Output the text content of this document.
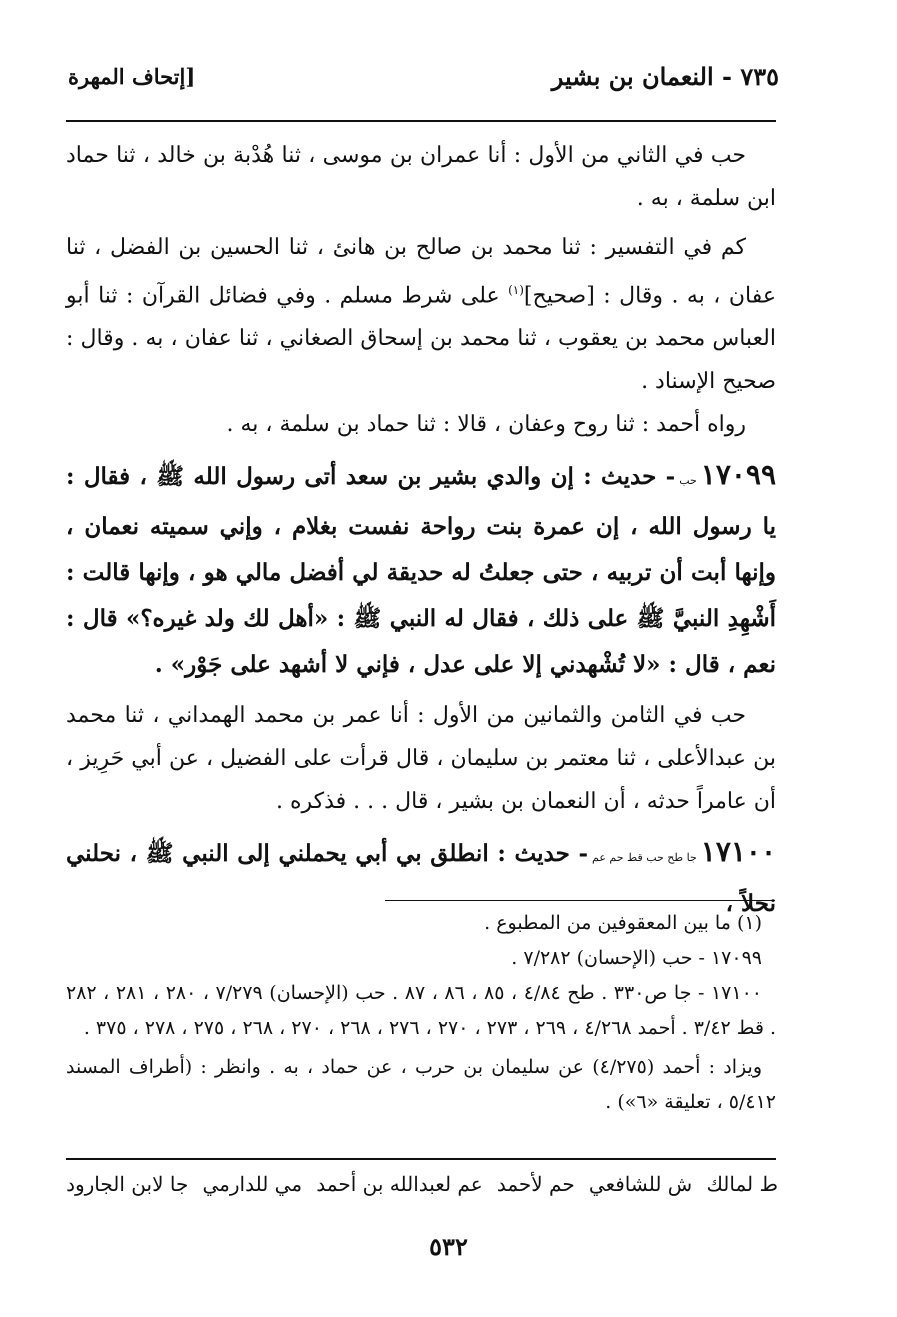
٧٣٥ - النعمان بن بشير
[إتحاف المهرة

حب في الثاني من الأول : أنا عمران بن موسى ، ثنا هُدْبة بن خالد ، ثنا حماد ابن سلمة ، به .

كم في التفسير : ثنا محمد بن صالح بن هانئ ، ثنا الحسين بن الفضل ، ثنا عفان ، به . وقال : [صحيح]$^{(١)}$ على شرط مسلم . وفي فضائل القرآن : ثنا أبو العباس محمد بن يعقوب ، ثنا محمد بن إسحاق الصغاني ، ثنا عفان ، به . وقال : صحيح الإسناد .

رواه أحمد : ثنا روح وعفان ، قالا : ثنا حماد بن سلمة ، به .

١٧٠٩٩حب- حديث : إن والدي بشير بن سعد أتى رسول الله ﷺ ، فقال : يا رسول الله ، إن عمرة بنت رواحة نفست بغلام ، وإني سميته نعمان ، وإنها أبت أن تربيه ، حتى جعلتُ له حديقة لي أفضل مالي هو ، وإنها قالت : أَشْهِدِ النبيَّ ﷺ على ذلك ، فقال له النبي ﷺ : «أهل لك ولد غيره؟» قال : نعم ، قال : «لا تُشْهدني إلا على عدل ، فإني لا أشهد على جَوْر» .

حب في الثامن والثمانين من الأول : أنا عمر بن محمد الهمداني ، ثنا محمد بن عبدالأعلى ، ثنا معتمر بن سليمان ، قال قرأت على الفضيل ، عن أبي حَرِيز ، أن عامراً حدثه ، أن النعمان بن بشير ، قال . . . فذكره .

١٧١٠٠جا طح حب قط حم عم- حديث : انطلق بي أبي يحملني إلى النبي ﷺ ، نحلني نحلاً ،

(١) ما بين المعقوفين من المطبوع .

١٧٠٩٩ - حب (الإحسان) ٧/٢٨٢ .

١٧١٠٠ - جا ص٣٣٠ . طح ٤/٨٤ ، ٨٥ ، ٨٦ ، ٨٧ . حب (الإحسان) ٧/٢٧٩ ، ٢٨٠ ، ٢٨١ ، ٢٨٢ . قط ٣/٤٢ . أحمد ٤/٢٦٨ ، ٢٦٩ ، ٢٧٣ ، ٢٧٠ ، ٢٧٦ ، ٢٦٨ ، ٢٧٠ ، ٢٦٨ ، ٢٧٥ ، ٢٧٨ ، ٣٧٥ .

ويزاد : أحمد (٤/٢٧٥) عن سليمان بن حرب ، عن حماد ، به . وانظر : (أطراف المسند ٥/٤١٢ ، تعليقة «٦») .

ط لمالك
ش للشافعي
حم لأحمد
عم لعبدالله بن أحمد
مي للدارمي
جا لابن الجارود
٥٣٢
